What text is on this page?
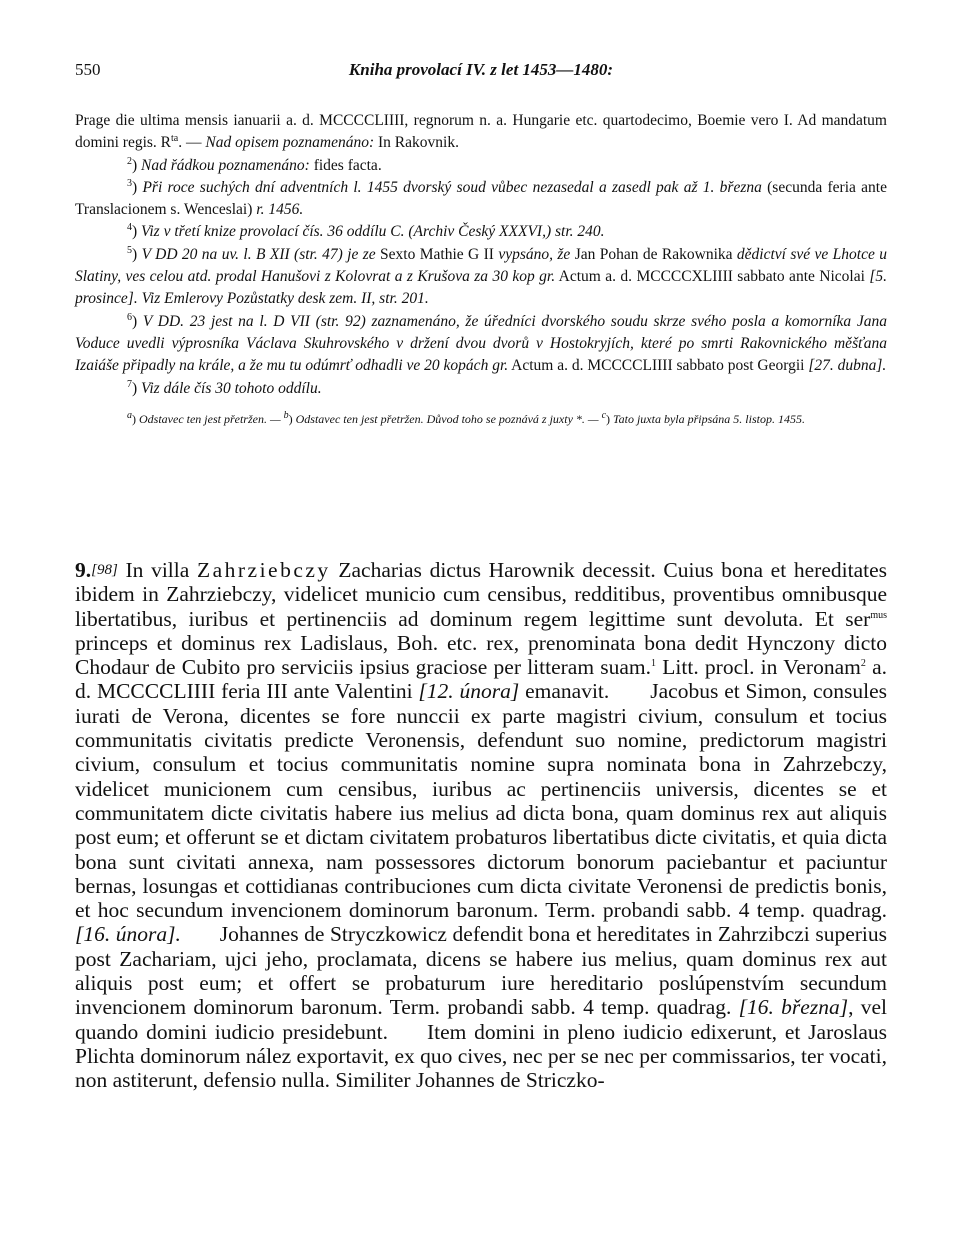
550	Kniha provolací IV. z let 1453—1480:

Prage die ultima mensis ianuarii a. d. MCCCCLIIII, regnorum n. a. Hungarie etc. quartodecimo, Boemie vero I. Ad mandatum domini regis. $R^{ta}$. — Nad opisem poznamenáno: In Rakovnik.

$^2$) Nad řádkou poznamenáno: fides facta.

$^3$) Při roce suchých dní adventních l. 1455 dvorský soud vůbec nezasedal a zasedl pak až 1. března (secunda feria ante Translacionem s. Wenceslai) r. 1456.

$^4$) Viz v třetí knize provolací čís. 36 oddílu C. (Archiv Český XXXVI,) str. 240.

$^5$) V DD 20 na uv. l. B XII (str. 47) je ze Sexto Mathie G II vypsáno, že Jan Pohan de Rakownika dědictví své ve Lhotce u Slatiny, ves celou atd. prodal Hanušovi z Kolovrat a z Krušova za 30 kop gr. Actum a. d. MCCCCXLIIII sabbato ante Nicolai [5. prosince]. Viz Emlerovy Pozůstatky desk zem. II, str. 201.

$^6$) V DD. 23 jest na l. D VII (str. 92) zaznamenáno, že úředníci dvorského soudu skrze svého posla a komorníka Jana Voduce uvedli výprosníka Václava Skuhrovského v držení dvou dvorů v Hostokryjích, které po smrti Rakovnického měšťana Izaiáše připadly na krále, a že mu tu odúmrť odhadli ve 20 kopách gr. Actum a. d. MCCCCLIIII sabbato post Georgii [27. dubna].

$^7$) Viz dále čís 30 tohoto oddílu.

$^a$) Odstavec ten jest přetržen. — $^b$) Odstavec ten jest přetržen. Důvod toho se poznává z juxty *. — $^c$) Tato juxta byla připsána 5. listop. 1455.

9.[98] In villa Zahrziebczy Zacharias dictus Harownik decessit. Cuius bona et hereditates ibidem in Zahrziebczy, videlicet municio cum censibus, redditibus, proventibus omnibusque libertatibus, iuribus et pertinenciis ad dominum regem legittime sunt devoluta. Et ser$^{mus}$ princeps et dominus rex Ladislaus, Boh. etc. rex, prenominata bona dedit Hynczony dicto Chodaur de Cubito pro serviciis ipsius graciose per litteram suam.$^1$ Litt. procl. in Veronam$^2$ a. d. MCCCCLIIII feria III ante Valentini [12. února] emanavit.       Jacobus et Simon, consules iurati de Verona, dicentes se fore nunccii ex parte magistri civium, consulum et tocius communitatis civitatis predicte Veronensis, defendunt suo nomine, predictorum magistri civium, consulum et tocius communitatis nomine supra nominata bona in Zahrzebczy, videlicet municionem cum censibus, iuribus ac pertinenciis universis, dicentes se et communitatem dicte civitatis habere ius melius ad dicta bona, quam dominus rex aut aliquis post eum; et offerunt se et dictam civitatem probaturos libertatibus dicte civitatis, et quia dicta bona sunt civitati annexa, nam possessores dictorum bonorum paciebantur et paciuntur bernas, losungas et cottidianas contribuciones cum dicta civitate Veronensi de predictis bonis, et hoc secundum invencionem dominorum baronum. Term. probandi sabb. 4 temp. quadrag. [16. února].       Johannes de Stryczkowicz defendit bona et hereditates in Zahrzibczi superius post Zachariam, ujci jeho, proclamata, dicens se habere ius melius, quam dominus rex aut aliquis post eum; et offert se probaturum iure hereditario poslúpenstvím secundum invencionem dominorum baronum. Term. probandi sabb. 4 temp. quadrag. [16. března], vel quando domini iudicio presidebunt.     Item domini in pleno iudicio edixerunt, et Jaroslaus Plichta dominorum nález exportavit, ex quo cives, nec per se nec per commissarios, ter vocati, non astiterunt, defensio nulla. Similiter Johannes de Striczko-
